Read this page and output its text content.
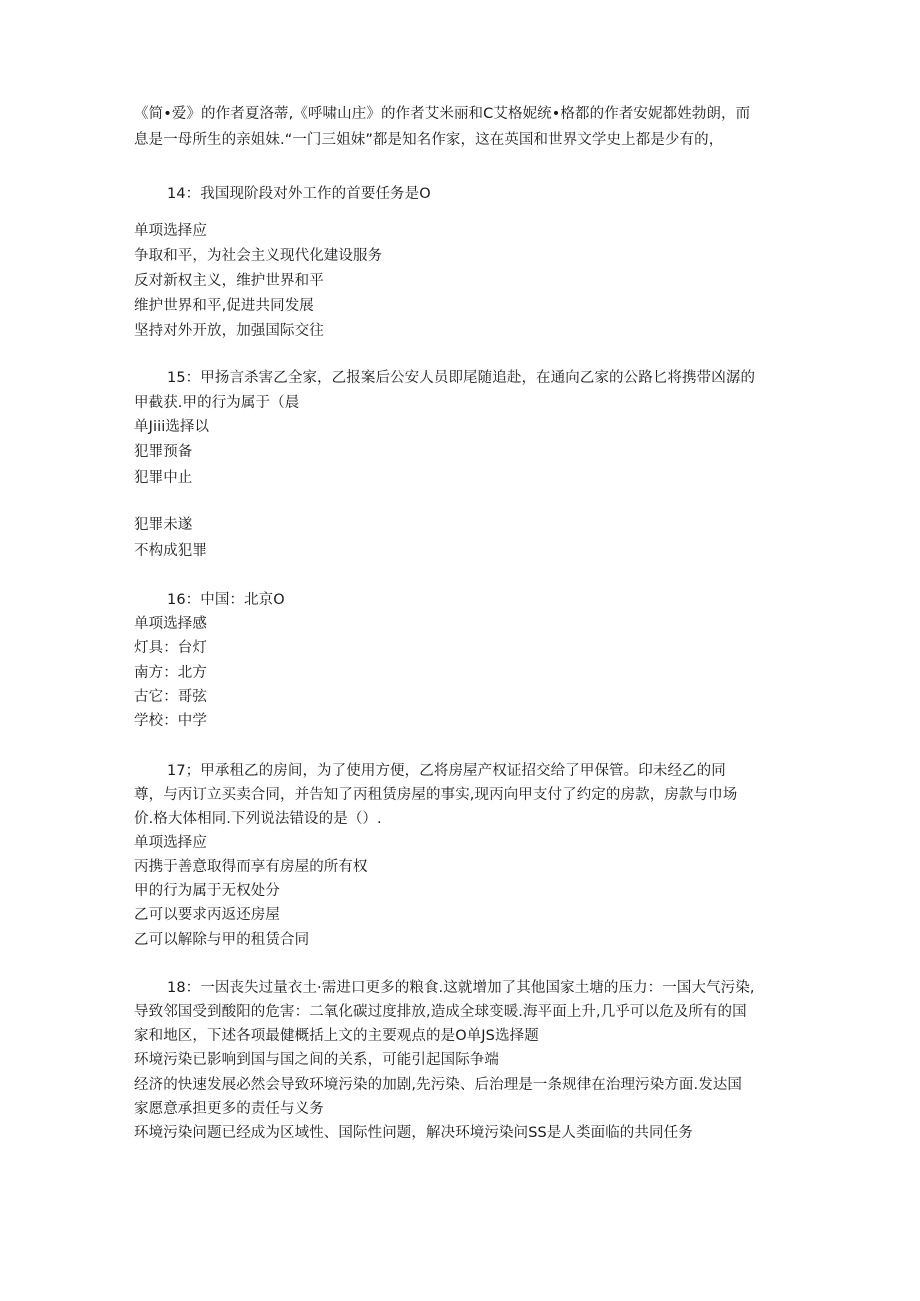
《简•爱》的作者夏洛蒂,《呼啸山庄》的作者艾米丽和C艾格妮统•格都的作者安妮都姓勃朗，而
息是一母所生的亲姐妹.“一门三姐妹”都是知名作家，这在英国和世界文学史上都是少有的，
14：我国现阶段对外工作的首要任务是O
单项选择应
争取和平，为社会主义现代化建设服务
反对新权主义，维护世界和平
维护世界和平,促进共同发展
坚持对外开放，加强国际交往
15：甲扬言杀害乙全家，乙报案后公安人员即尾随追赴，在通向乙家的公路匕将携带凶潺的
甲截获.甲的行为属于（晨
单Jiii选择以
犯罪预备
犯罪中止
犯罪未遂
不构成犯罪
16：中国：北京O
单项选择感
灯具：台灯
南方：北方
古它：哥弦
学校：中学
17；甲承租乙的房间，为了使用方便，乙将房屋产权证招交给了甲保管。印未经乙的同
尊，与丙订立买卖合同，并告知了丙租赁房屋的事实,现丙向甲支付了约定的房款，房款与巾场
价.格大体相同.下列说法错设的是（）.
单项选择应
丙携于善意取得而享有房屋的所有权
甲的行为属于无权处分
乙可以要求丙返还房屋
乙可以解除与甲的租赁合同
18：一因丧失过量衣土·需进口更多的粮食.这就增加了其他国家土塘的压力：一国大气污染,
导致邻国受到酸阳的危害：二氧化碳过度排放,造成全球变暖.海平面上升,几乎可以危及所有的国
家和地区，下述各项最健概括上文的主要观点的是O单JS选择题
环境污染已影响到国与国之间的关系，可能引起国际争端
经济的快速发展必然会导致环境污染的加剧,先污染、后治理是一条规律在治理污染方面.发达国
家愿意承担更多的责任与义务
环境污染问题已经成为区域性、国际性问题，解决环境污染问SS是人类面临的共同任务
